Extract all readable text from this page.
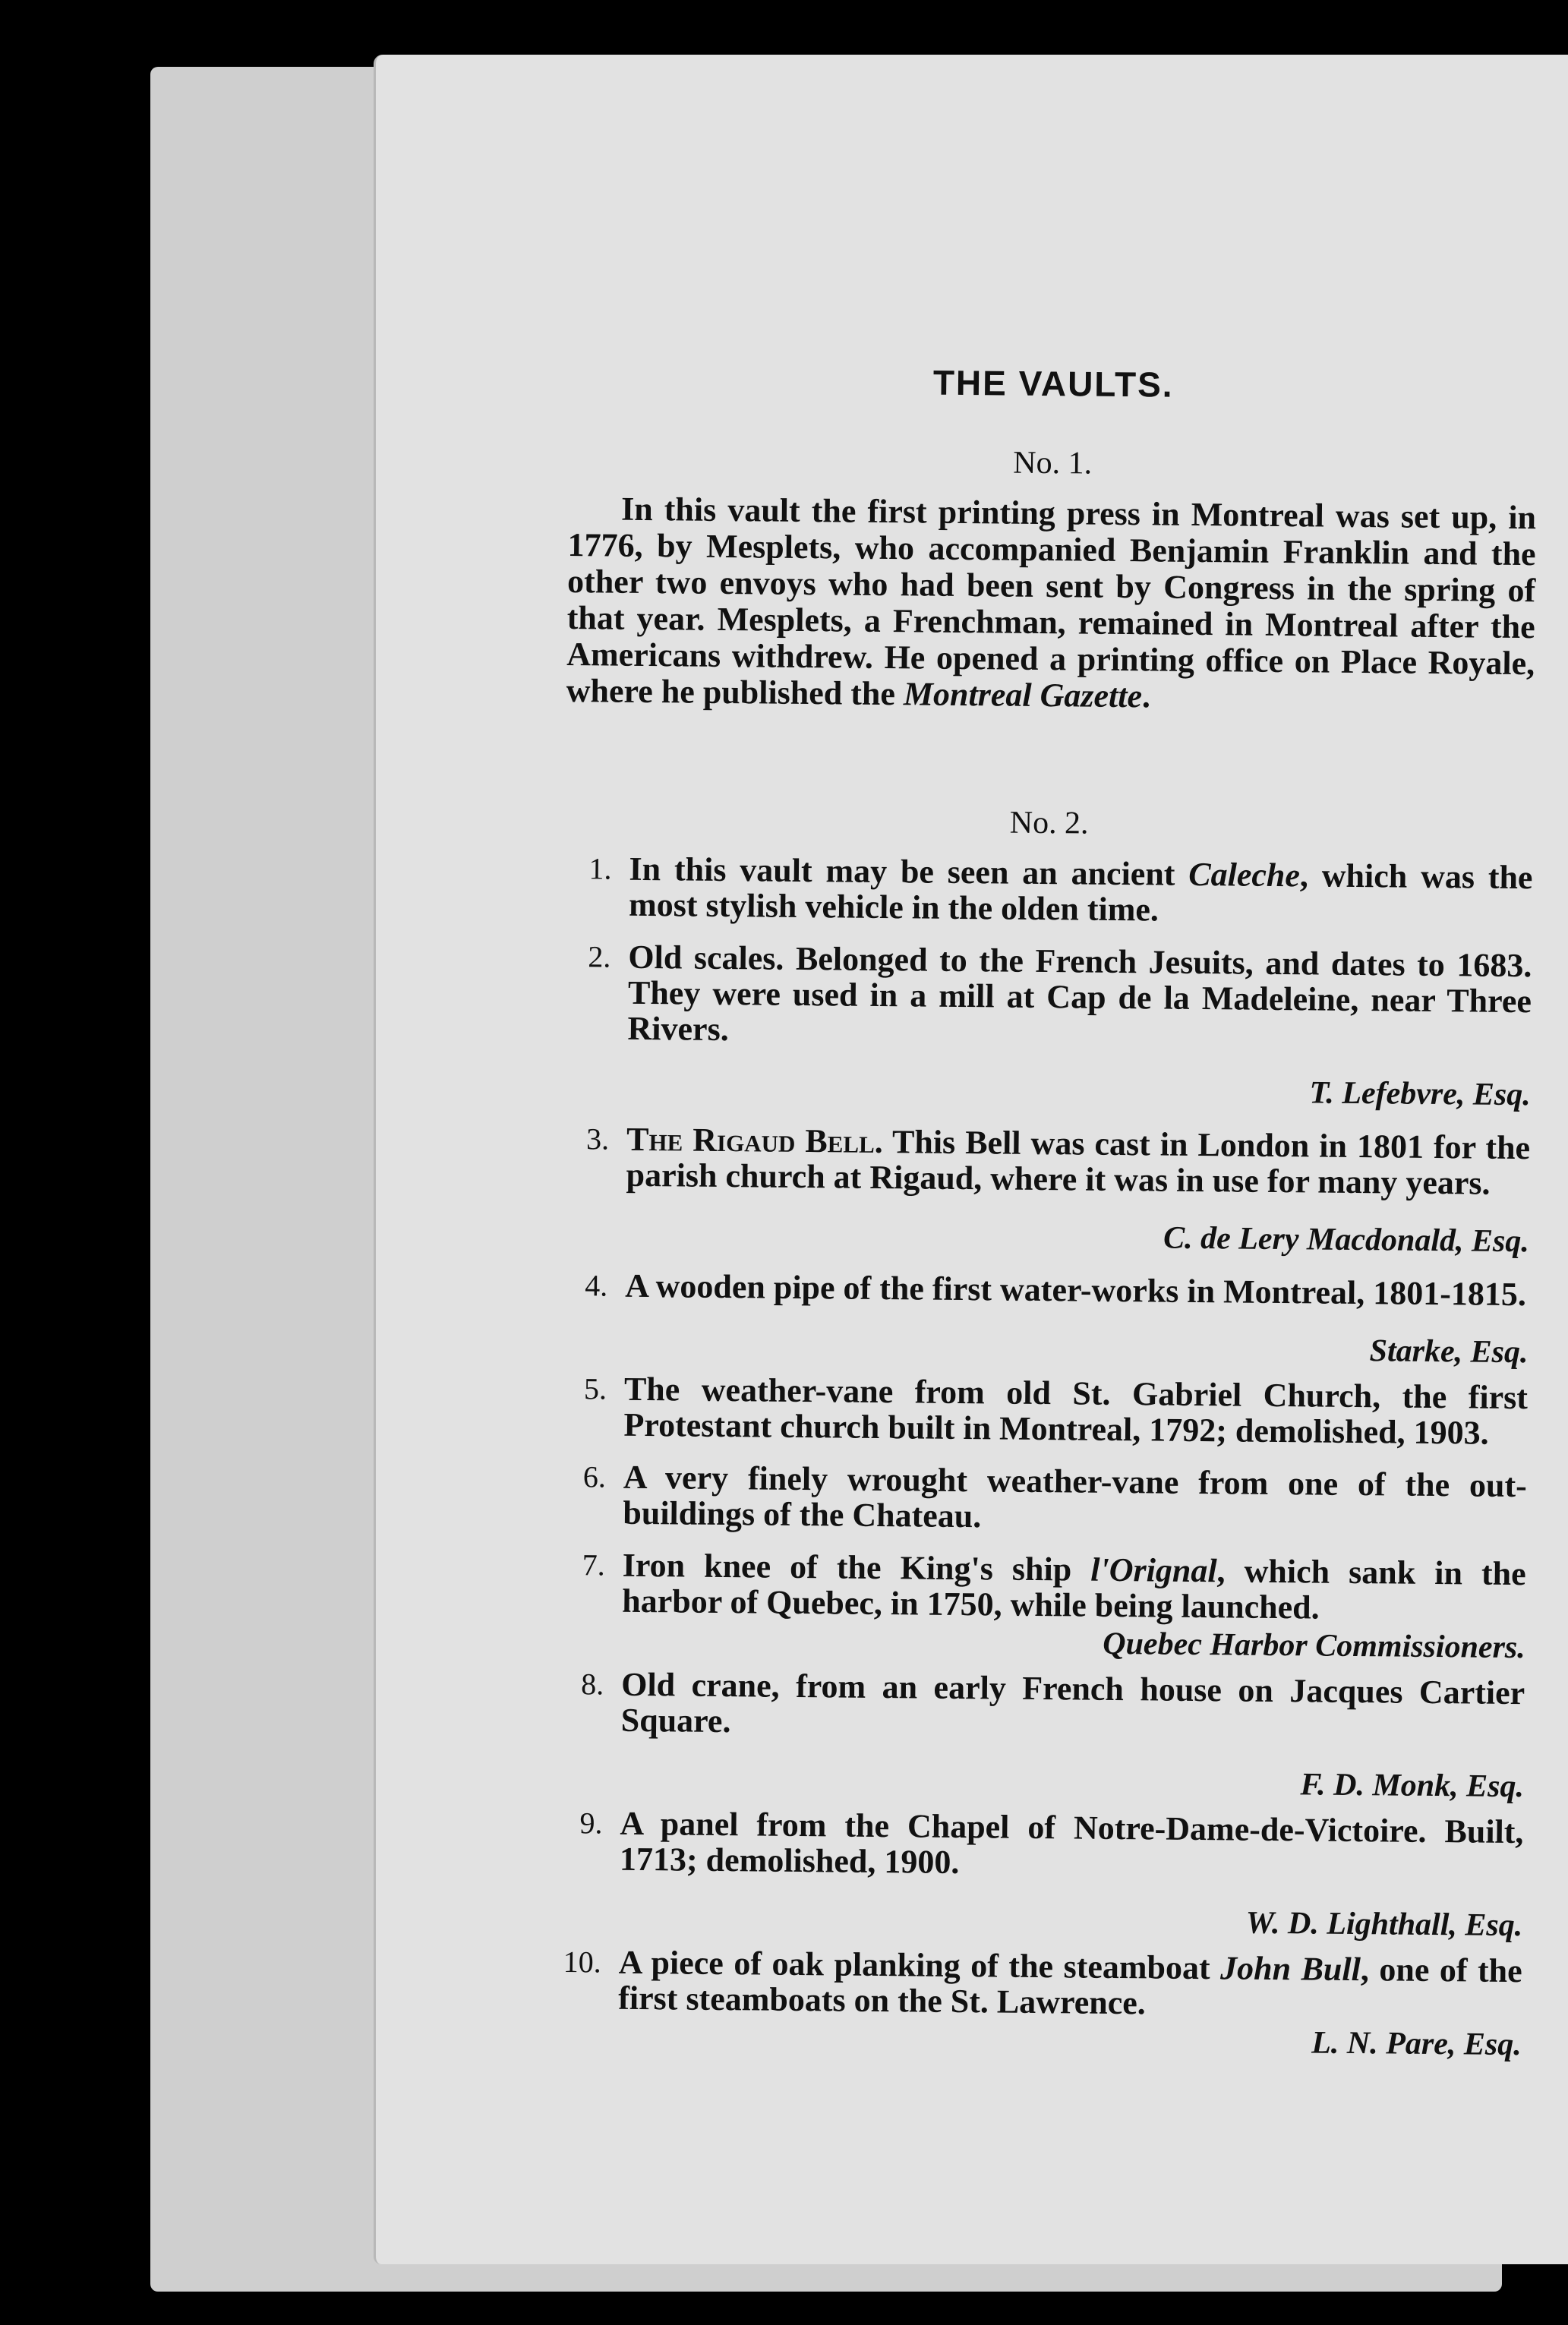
THE VAULTS.
No. 1.

In this vault the first printing press in Montreal was set up, in 1776, by Mesplets, who accompanied Benjamin Franklin and the other two envoys who had been sent by Congress in the spring of that year. Mesplets, a Frenchman, remained in Montreal after the Americans withdrew. He opened a printing office on Place Royale, where he published the Montreal Gazette.

No. 2.
1. In this vault may be seen an ancient Caleche, which was the most stylish vehicle in the olden time.
2. Old scales. Belonged to the French Jesuits, and dates to 1683. They were used in a mill at Cap de la Madeleine, near Three Rivers.
T. Lefebvre, Esq.
3. The Rigaud Bell. This Bell was cast in London in 1801 for the parish church at Rigaud, where it was in use for many years.
C. de Lery Macdonald, Esq.
4. A wooden pipe of the first water-works in Montreal, 1801-1815.
Starke, Esq.
5. The weather-vane from old St. Gabriel Church, the first Protestant church built in Montreal, 1792; demolished, 1903.
6. A very finely wrought weather-vane from one of the out-buildings of the Chateau.
7. Iron knee of the King's ship l'Orignal, which sank in the harbor of Quebec, in 1750, while being launched.
Quebec Harbor Commissioners.
8. Old crane, from an early French house on Jacques Cartier Square.
F. D. Monk, Esq.
9. A panel from the Chapel of Notre-Dame-de-Victoire. Built, 1713; demolished, 1900.
W. D. Lighthall, Esq.
10. A piece of oak planking of the steamboat John Bull, one of the first steamboats on the St. Lawrence.
L. N. Pare, Esq.
